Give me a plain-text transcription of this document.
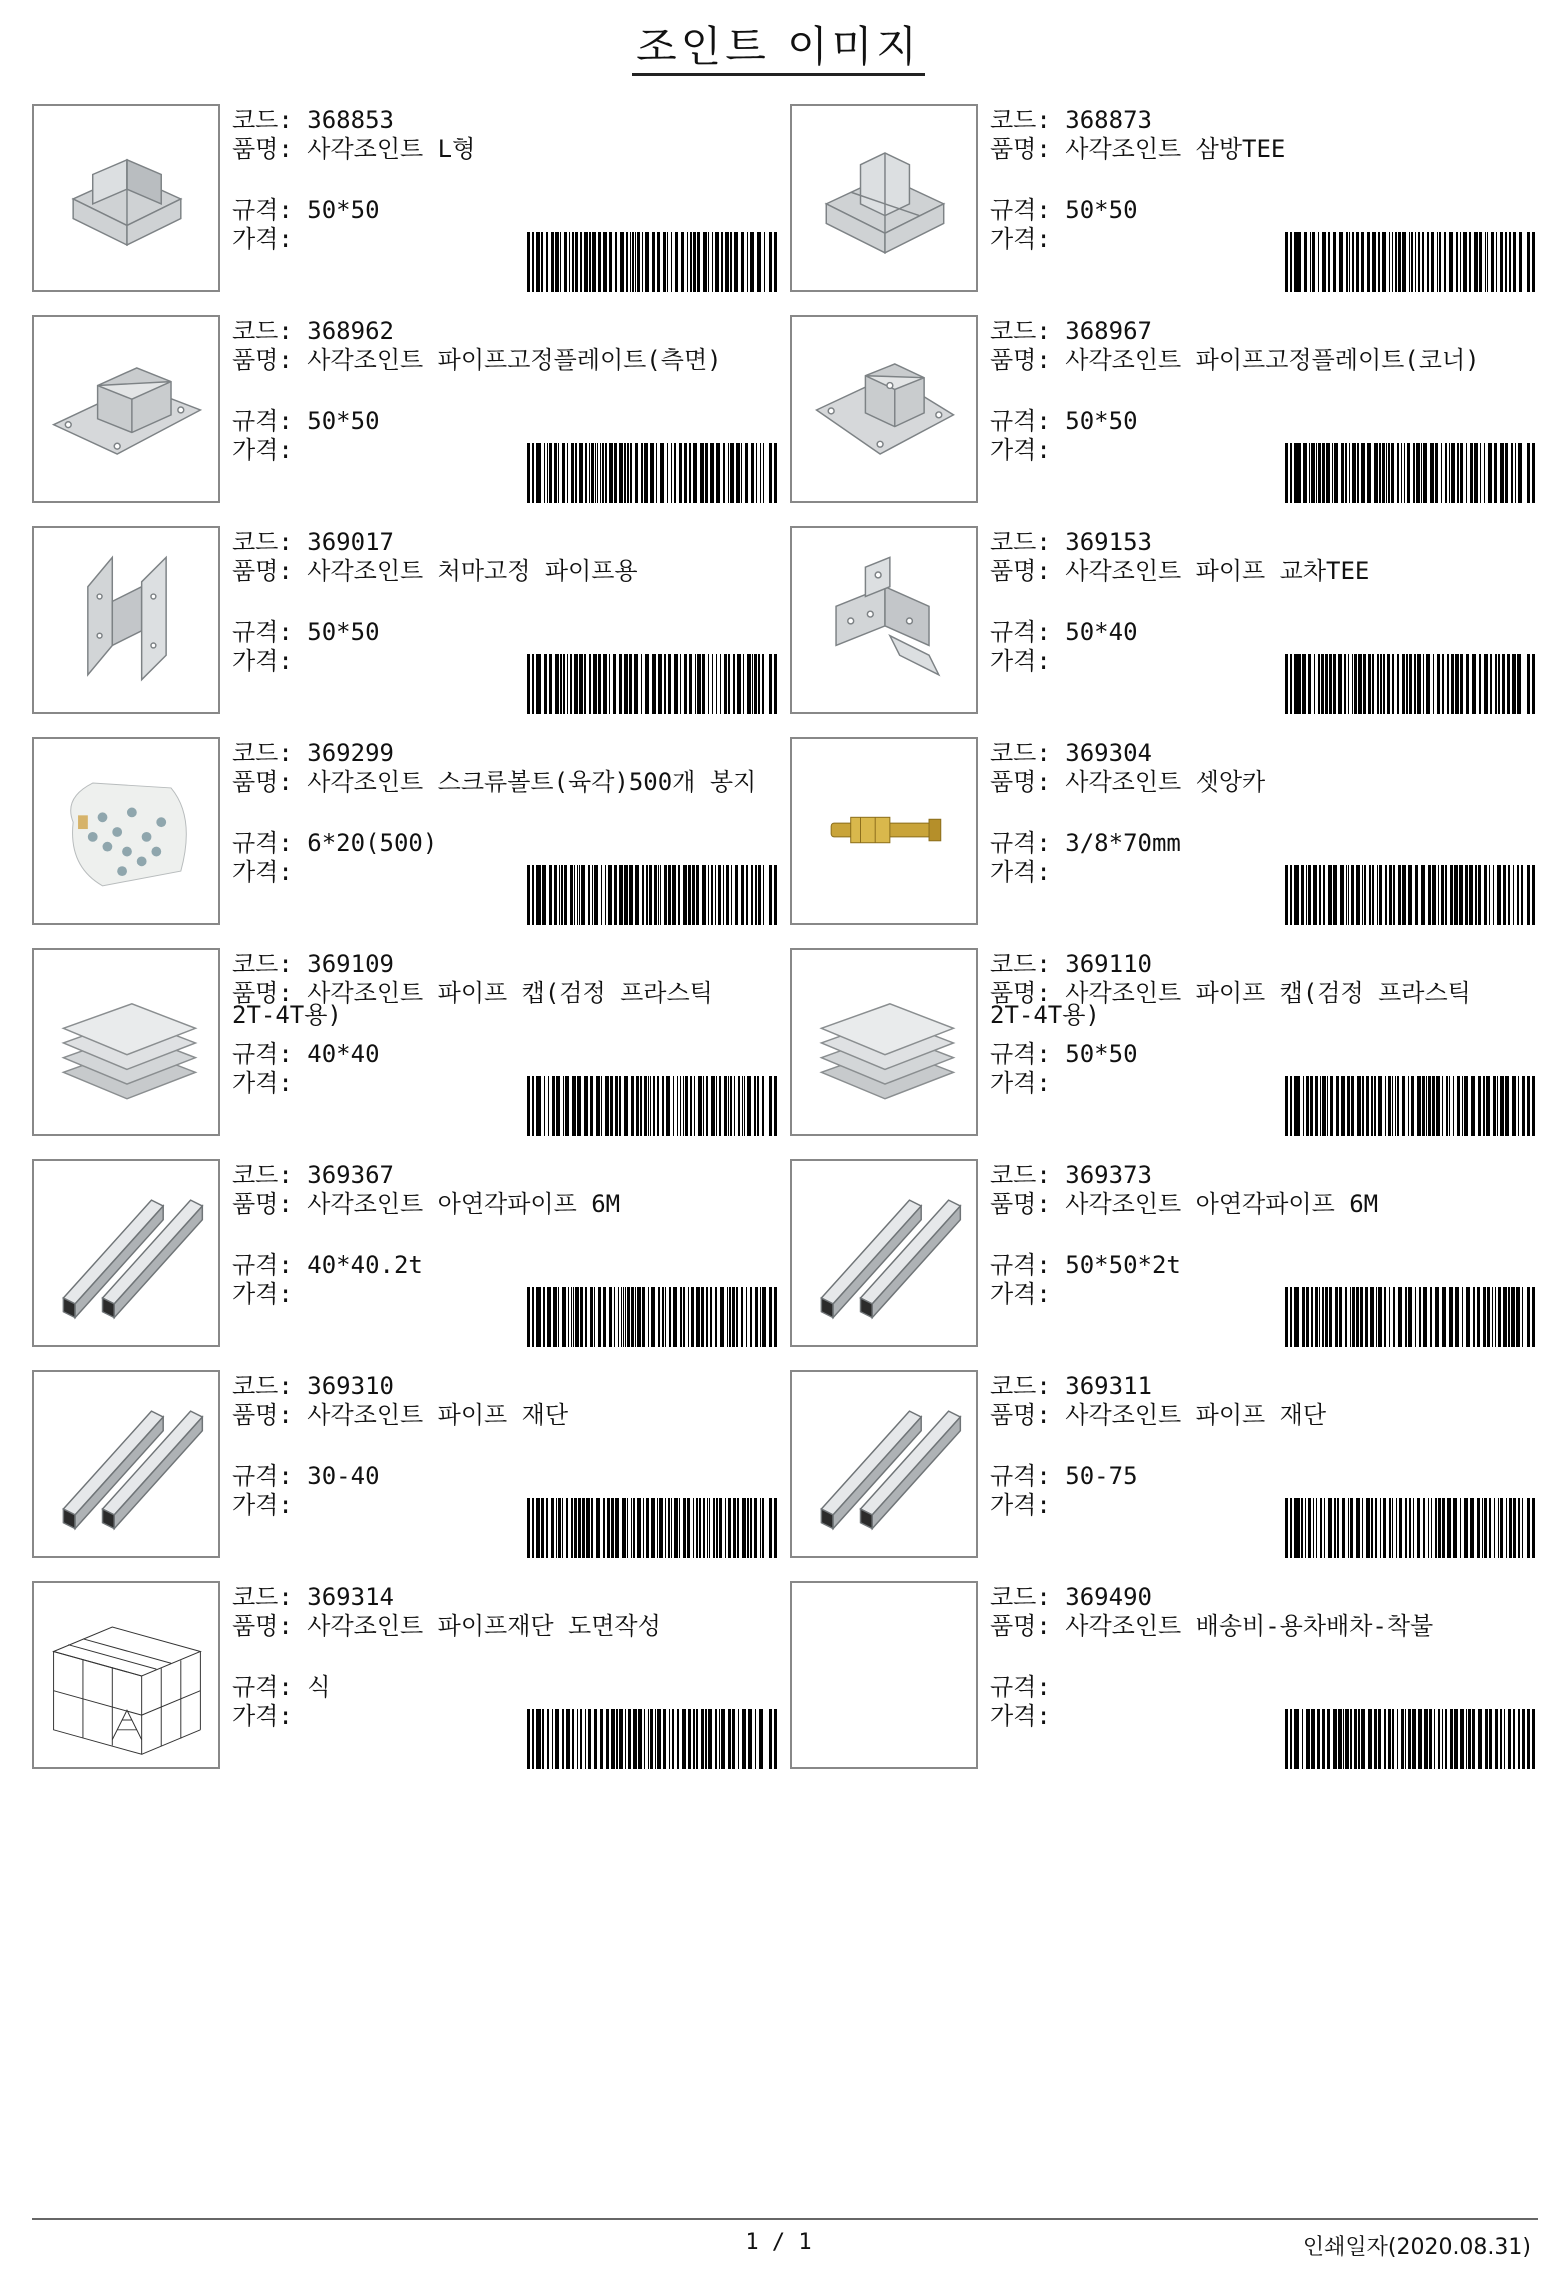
조인트 이미지
코드: 368853
품명: 사각조인트 L형
규격: 50*50
가격:
코드: 368873
품명: 사각조인트 삼방TEE
규격: 50*50
가격:
코드: 368962
품명: 사각조인트 파이프고정플레이트(측면)
규격: 50*50
가격:
코드: 368967
품명: 사각조인트 파이프고정플레이트(코너)
규격: 50*50
가격:
코드: 369017
품명: 사각조인트 처마고정 파이프용
규격: 50*50
가격:
코드: 369153
품명: 사각조인트 파이프 교차TEE
규격: 50*40
가격:
코드: 369299
품명: 사각조인트 스크류볼트(육각)500개 봉지
규격: 6*20(500)
가격:
코드: 369304
품명: 사각조인트 셋앙카
규격: 3/8*70mm
가격:
코드: 369109
품명: 사각조인트 파이프 캡(검정 프라스틱 2T-4T용)
규격: 40*40
가격:
코드: 369110
품명: 사각조인트 파이프 캡(검정 프라스틱 2T-4T용)
규격: 50*50
가격:
코드: 369367
품명: 사각조인트 아연각파이프 6M
규격: 40*40.2t
가격:
코드: 369373
품명: 사각조인트 아연각파이프 6M
규격: 50*50*2t
가격:
코드: 369310
품명: 사각조인트 파이프 재단
규격: 30-40
가격:
코드: 369311
품명: 사각조인트 파이프 재단
규격: 50-75
가격:
코드: 369314
품명: 사각조인트 파이프재단 도면작성
규격: 식
가격:
코드: 369490
품명: 사각조인트 배송비-용차배차-착불
규격:
가격:
1 / 1	인쇄일자(2020.08.31)
